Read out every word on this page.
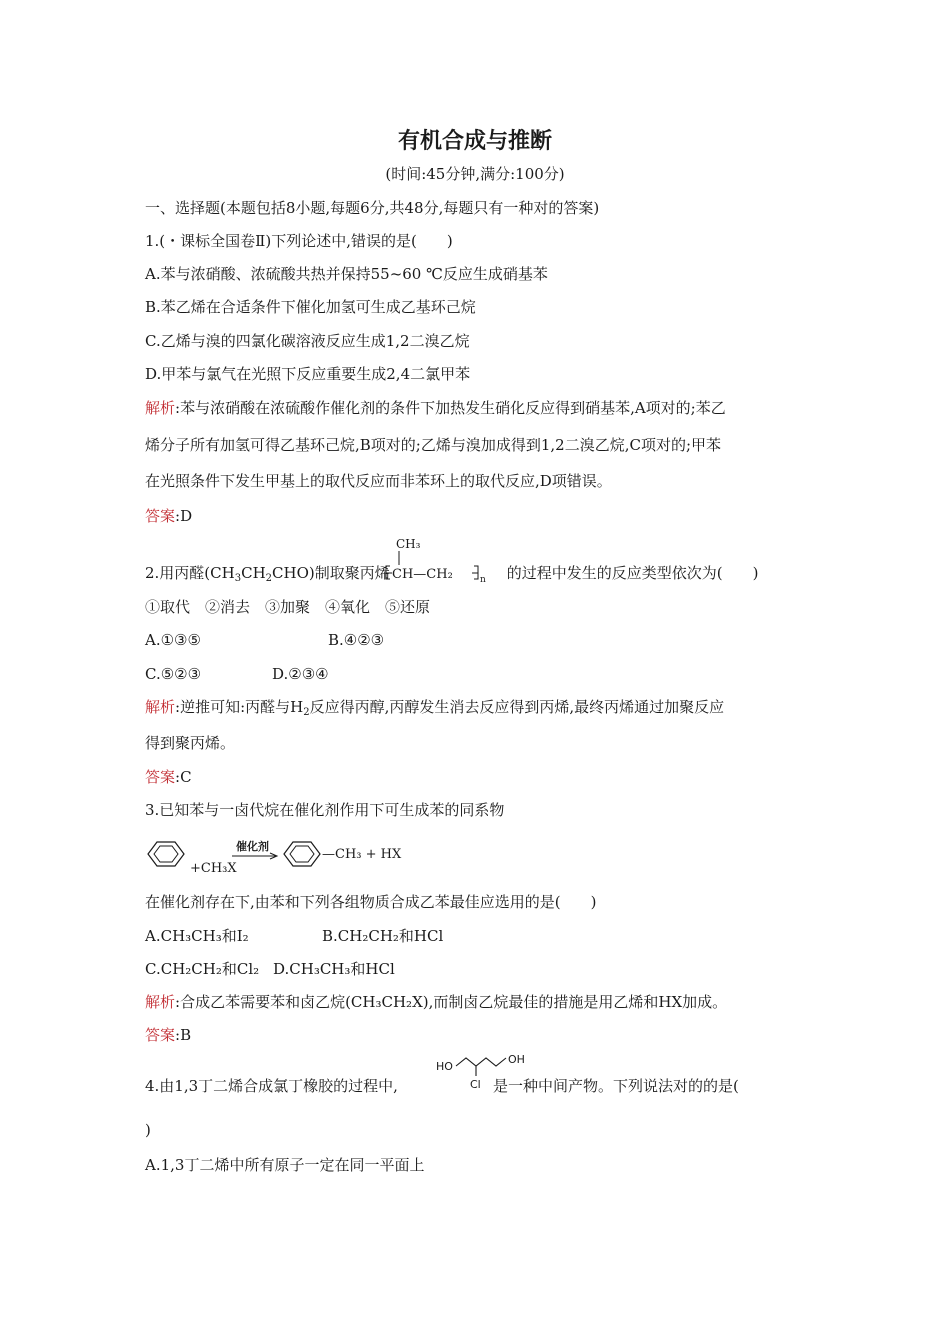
有机合成与推断
(时间:45分钟,满分:100分)
一、选择题(本题包括8小题,每题6分,共48分,每题只有一种对的答案)
1.(・课标全国卷Ⅱ)下列论述中,错误的是(　　)
A.苯与浓硝酸、浓硫酸共热并保持55~60 ℃反应生成硝基苯
B.苯乙烯在合适条件下催化加氢可生成乙基环己烷
C.乙烯与溴的四氯化碳溶液反应生成1,2二溴乙烷
D.甲苯与氯气在光照下反应重要生成2,4二氯甲苯
解析:苯与浓硝酸在浓硫酸作催化剂的条件下加热发生硝化反应得到硝基苯,A项对的;苯乙
烯分子所有加氢可得乙基环己烷,B项对的;乙烯与溴加成得到1,2二溴乙烷,C项对的;甲苯
在光照条件下发生甲基上的取代反应而非苯环上的取代反应,D项错误。
答案:D
2.用丙醛$(CH_3CH_2CHO)$制取聚丙烯	的过程中发生的反应类型依次为(　　)
CH₃
CH—CH₂	n
①取代　②消去　③加聚　④氧化　⑤还原
A.①③⑤	B.④②③
C.⑤②③	D.②③④
解析:逆推可知:丙醛与$H_2$反应得丙醇,丙醇发生消去反应得到丙烯,最终丙烯通过加聚反应
得到聚丙烯。
答案:C
3.已知苯与一卤代烷在催化剂作用下可生成苯的同系物
+CH₃X
催化剂
—CH₃ + HX
在催化剂存在下,由苯和下列各组物质合成乙苯最佳应选用的是(　　)
A.CH₃CH₃和I₂	B.CH₂CH₂和HCl
C.CH₂CH₂和Cl₂ D.CH₃CH₃和HCl
解析:合成乙苯需要苯和卤乙烷(CH₃CH₂X),而制卤乙烷最佳的措施是用乙烯和HX加成。
答案:B
4.由1,3丁二烯合成氯丁橡胶的过程中,	是一种中间产物。下列说法对的的是(
HO
OH
Cl
)
A.1,3丁二烯中所有原子一定在同一平面上
